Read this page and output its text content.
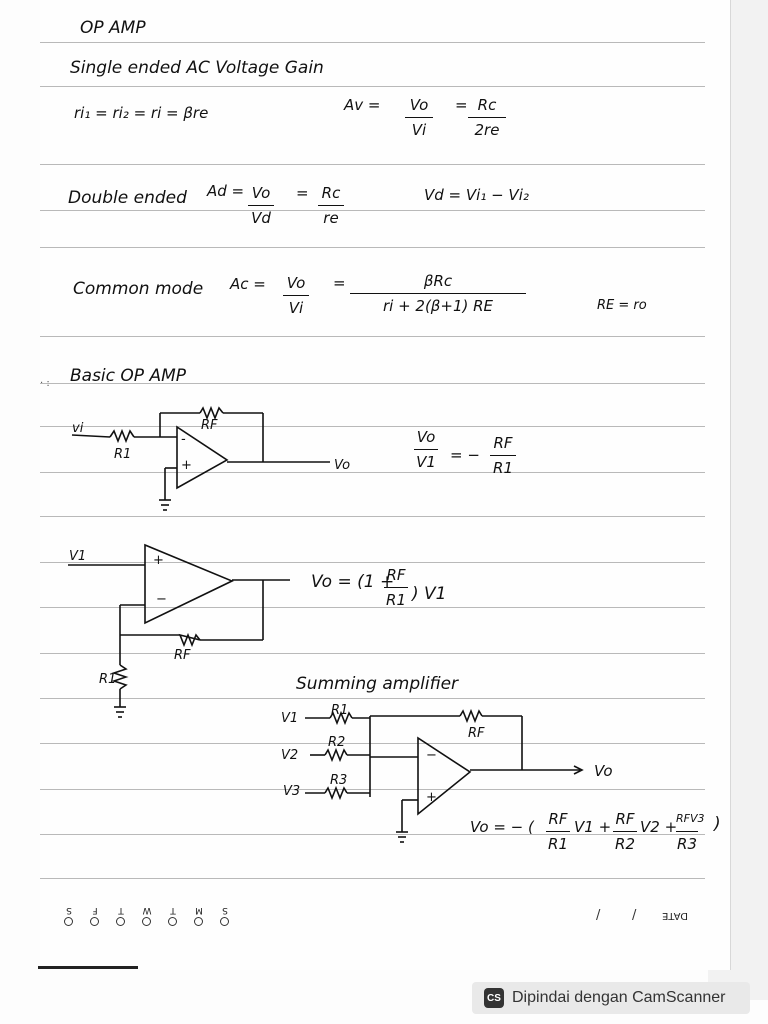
OP AMP
Single ended AC Voltage Gain
ri₁ = ri₂ = ri = βre	Av =	Vo
Vi
= Rc
2re
Double ended Ad = Vo
Vd
= Rc
re
Vd = Vi₁ − Vi₂
Common mode Ac = Vo
Vi
=	βRc
ri + 2(β+1) RE	RE = ro
· : Basic OP AMP
vi
R1
RF
-
+	Vo
Vo
V1 = −
RF
R1
V1	+
−
RF
R1
Vo = (1 +
RF
R1 ) V1
Summing amplifier
V1
V2
V3
R1
R2
R3
RF
−
+
Vo
Vo = − ( RF
R1
V1 + RF
R2
V2 +
RFV3
R3
)
S F T W T M S	/ /	DATE
CS Dipindai dengan CamScanner
